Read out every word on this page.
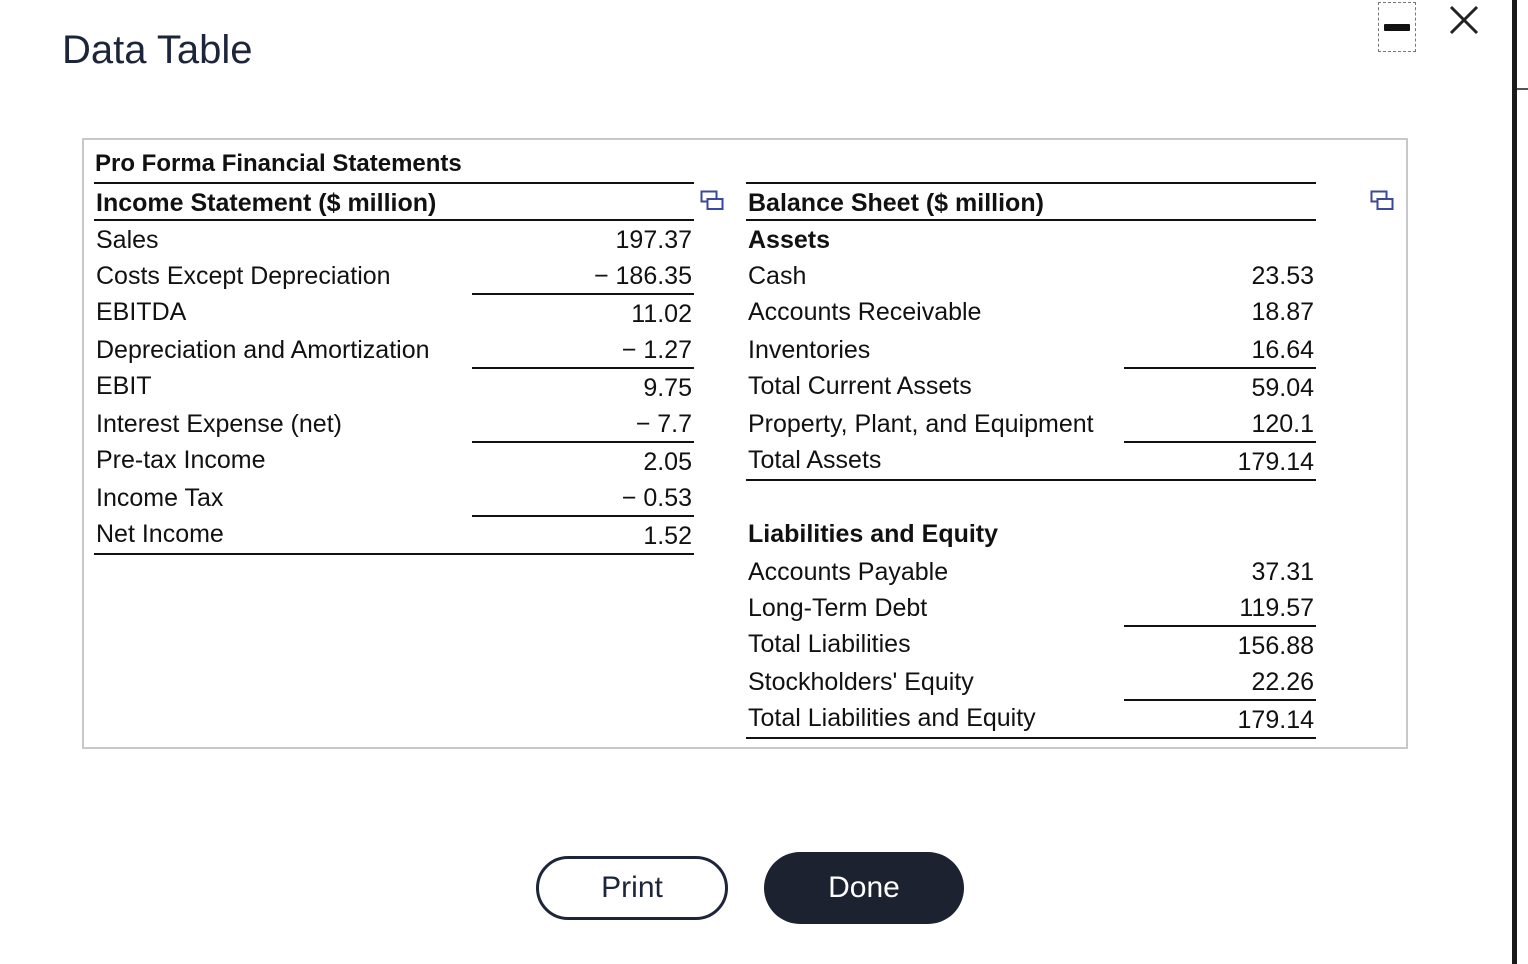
Data Table
Pro Forma Financial Statements
Income Statement ($ million)
Sales	197.37
Costs Except Depreciation	− 186.35
EBITDA	11.02
Depreciation and Amortization	− 1.27
EBIT	9.75
Interest Expense (net)	− 7.7
Pre-tax Income	2.05
Income Tax	− 0.53
Net Income	1.52
Balance Sheet ($ million)
Assets
Cash	23.53
Accounts Receivable	18.87
Inventories	16.64
Total Current Assets	59.04
Property, Plant, and Equipment	120.1
Total Assets	179.14
Liabilities and Equity
Accounts Payable	37.31
Long-Term Debt	119.57
Total Liabilities	156.88
Stockholders' Equity	22.26
Total Liabilities and Equity	179.14
Print	Done
